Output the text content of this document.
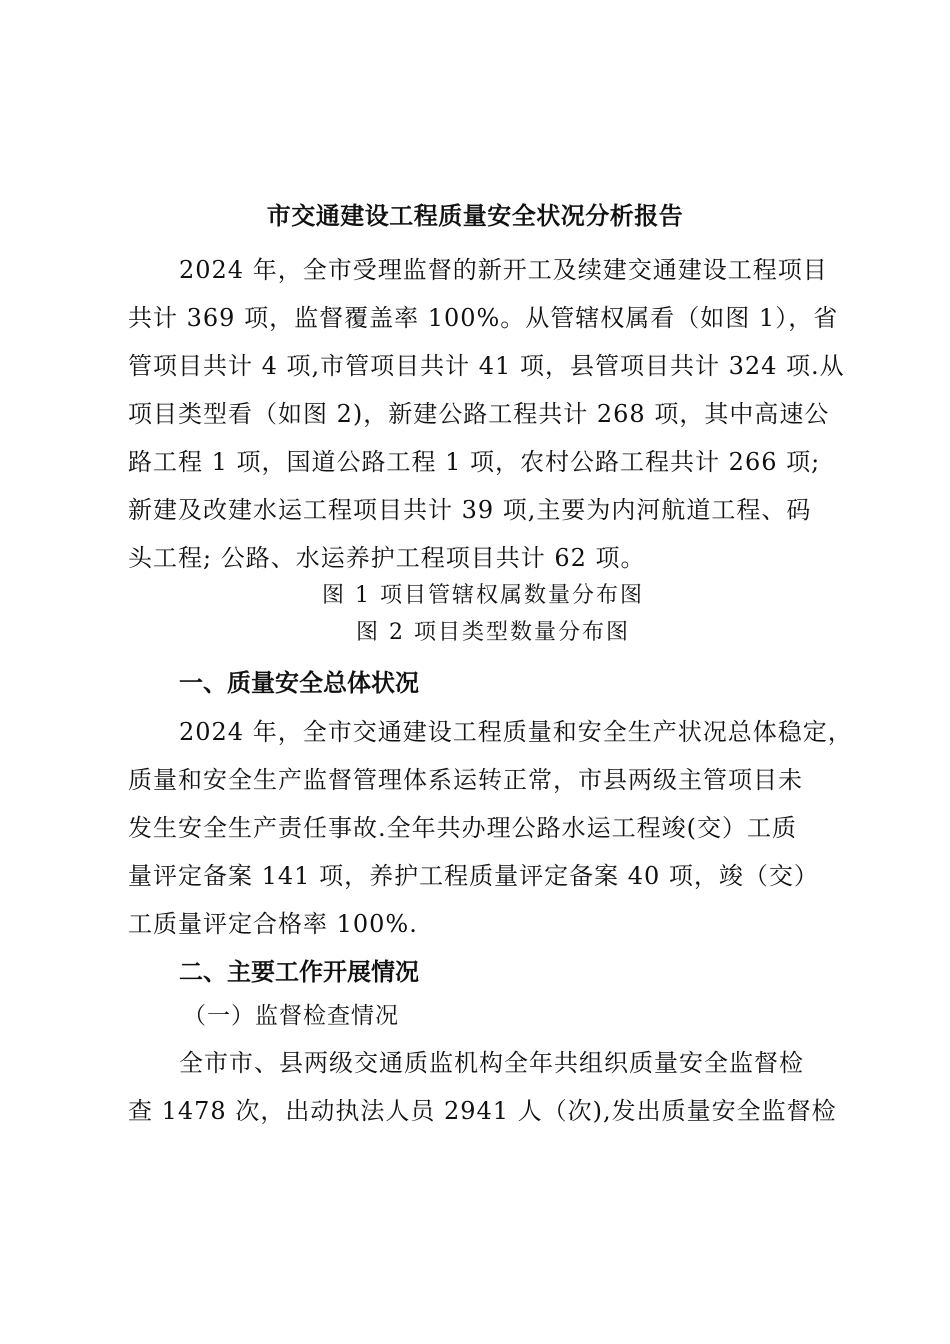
市交通建设工程质量安全状况分析报告
2024 年，全市受理监督的新开工及续建交通建设工程项目
共计 369 项，监督覆盖率 100%。从管辖权属看（如图 1），省
管项目共计 4 项,市管项目共计 41 项，县管项目共计 324 项.从
项目类型看（如图 2)，新建公路工程共计 268 项，其中高速公
路工程 1 项，国道公路工程 1 项，农村公路工程共计 266 项;
新建及改建水运工程项目共计 39 项,主要为内河航道工程、码
头工程; 公路、水运养护工程项目共计 62 项。
图 1 项目管辖权属数量分布图
图 2 项目类型数量分布图
一、质量安全总体状况
2024 年，全市交通建设工程质量和安全生产状况总体稳定，
质量和安全生产监督管理体系运转正常，市县两级主管项目未
发生安全生产责任事故.全年共办理公路水运工程竣(交）工质
量评定备案 141 项，养护工程质量评定备案 40 项，竣（交）
工质量评定合格率 100%.
二、主要工作开展情况
（一）监督检查情况
全市市、县两级交通质监机构全年共组织质量安全监督检
查 1478 次，出动执法人员 2941 人（次),发出质量安全监督检
